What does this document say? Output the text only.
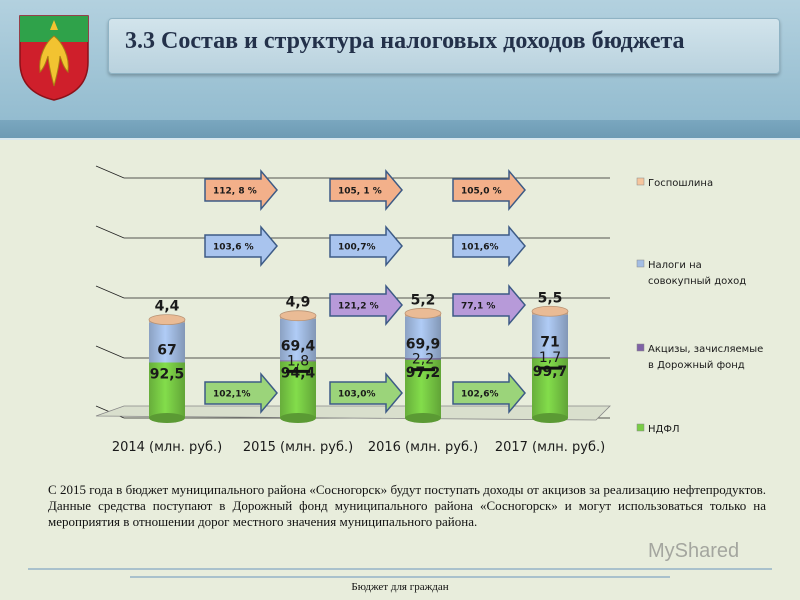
3.3 Состав и структура налоговых доходов бюджета
92,5
67
4,4
94,4
1,8
69,4
4,9
97,2
2,2
69,9
5,2
99,7
1,7
71
5,5
112, 8 %	105, 1 %	105,0 %
103,6 %	100,7%	101,6%
121,2 %	77,1 %
102,1%	103,0%	102,6%
2014 (млн. руб.) 2015 (млн. руб.) 2016 (млн. руб.) 2017 (млн. руб.)
Госпошлина
Налоги на
совокупный доход
Акцизы, зачисляемые
в Дорожный фонд
НДФЛ
С 2015 года в бюджет муниципального района «Сосногорск» будут поступать доходы от акцизов за реализацию нефтепродуктов. Данные средства поступают в Дорожный фонд муниципального района «Сосногорск» и могут использоваться только на мероприятия в отношении дорог местного значения муниципального района.
MyShared
Бюджет для граждан
